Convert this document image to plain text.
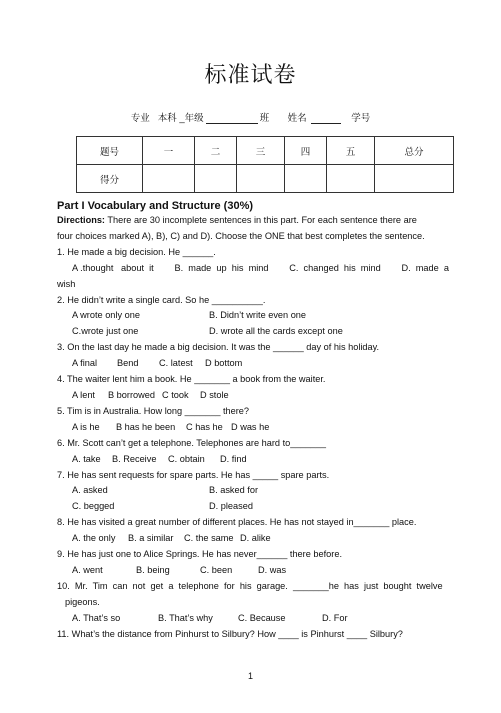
标准试卷
专业 本科 _年级	班 姓名	学号
题号	一	二	三	四	五	总分
得分						
Part I Vocabulary and Structure (30%)

Directions: There are 30 incomplete sentences in this part. For each sentence there are

four choices marked A), B), C) and D). Choose the ONE that best completes the sentence.

1. He made a big decision. He ______.

A .thought   about  it B.  made  up  his  mind C.  changed  his  mind D.  made  a

wish

2. He didn’t write a single card. So he __________.

A wrote only one	B. Didn’t write even one

C.wrote just one	D. wrote all the cards except one

3. On the last day he made a big decision. It was the ______ day of his holiday.

A final	Bend	C. latest	D bottom

4. The waiter lent him a book. He _______ a book from the waiter.

A lent	B borrowed C took	D stole

5. Tim is in Australia. How long _______ there?

A is he	B has he been	C has he D was he

6. Mr. Scott can’t get a telephone. Telephones are hard to_______

A. take	B. Receive	C. obtain	D. find

7. He has sent requests for spare parts. He has _____ spare parts.

A. asked	B. asked for

C. begged	D. pleased

8. He has visited a great number of different places. He has not stayed in_______ place.

A. the only	B. a similar	C. the same D. alike

9. He has just one to Alice Springs. He has never______ there before.

A. went	B. being	C. been	D. was

10.  Mr.  Tim  can  not  get  a  telephone  for  his  garage.  _______he  has  just  bought  twelve

pigeons.

A. That’s so	B. That’s why	C. Because	D. For

11. What’s the distance from Pinhurst to Silbury? How ____ is Pinhurst ____ Silbury?

1
